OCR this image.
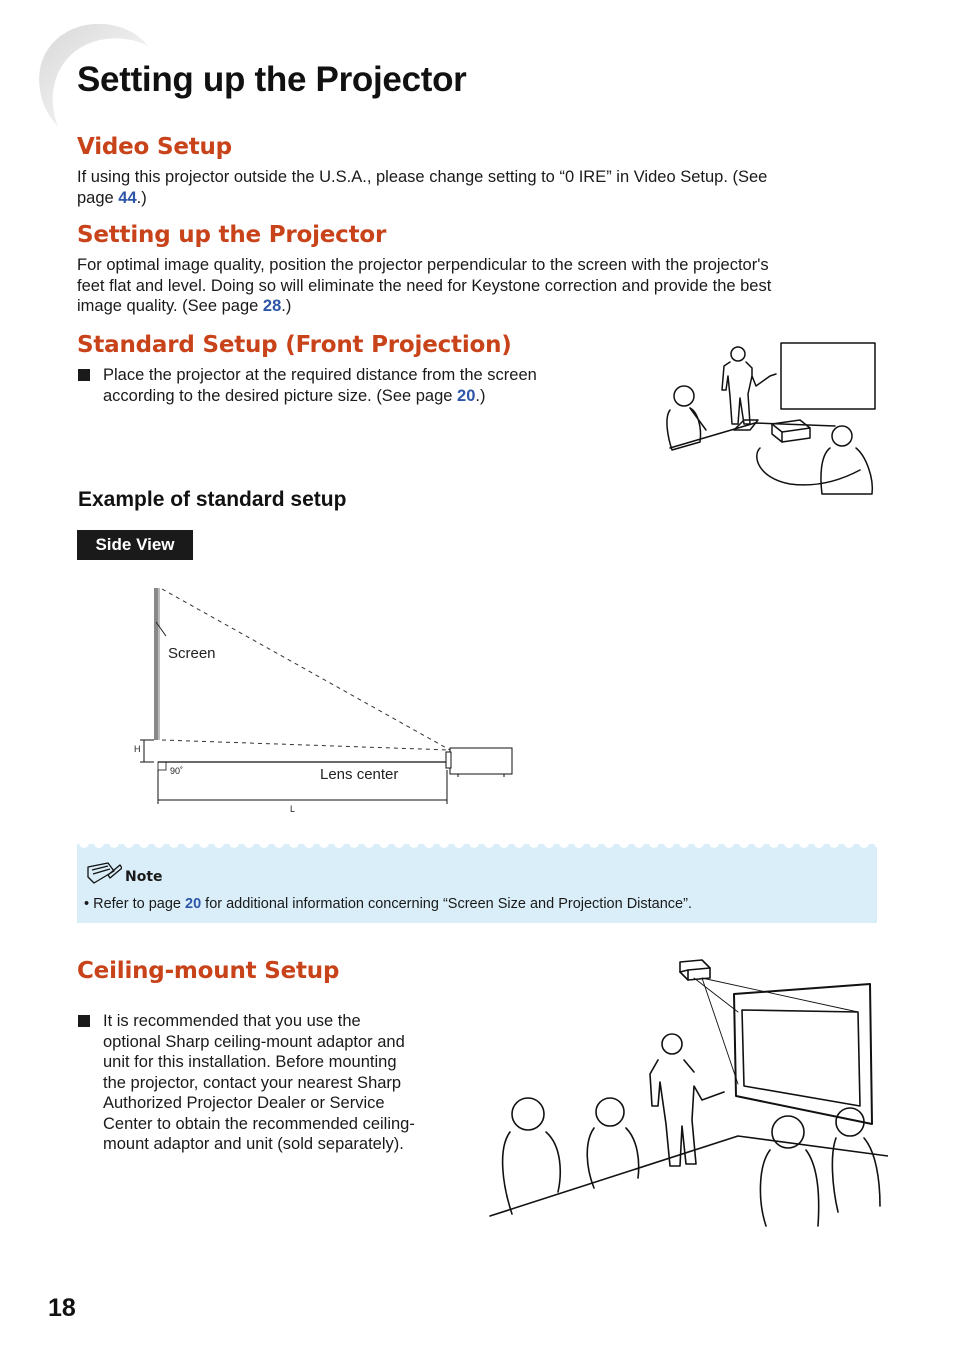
Setting up the Projector
Video Setup
If using this projector outside the U.S.A., please change setting to “0 IRE” in Video Setup. (See
page 44.)
Setting up the Projector
For optimal image quality, position the projector perpendicular to the screen with the projector's
feet flat and level. Doing so will eliminate the need for Keystone correction and provide the best
image quality. (See page 28.)
Standard Setup (Front Projection)
Place the projector at the required distance from the screen
according to the desired picture size. (See page 20.)
Example of standard setup
Side View
Screen
Lens center
H
L
90˚
Note
• Refer to page 20 for additional information concerning “Screen Size and Projection Distance”.
Ceiling-mount Setup
It is recommended that you use the
optional Sharp ceiling-mount adaptor and
unit for this installation. Before mounting
the projector, contact your nearest Sharp
Authorized Projector Dealer or Service
Center to obtain the recommended ceiling-
mount adaptor and unit (sold separately).
18
